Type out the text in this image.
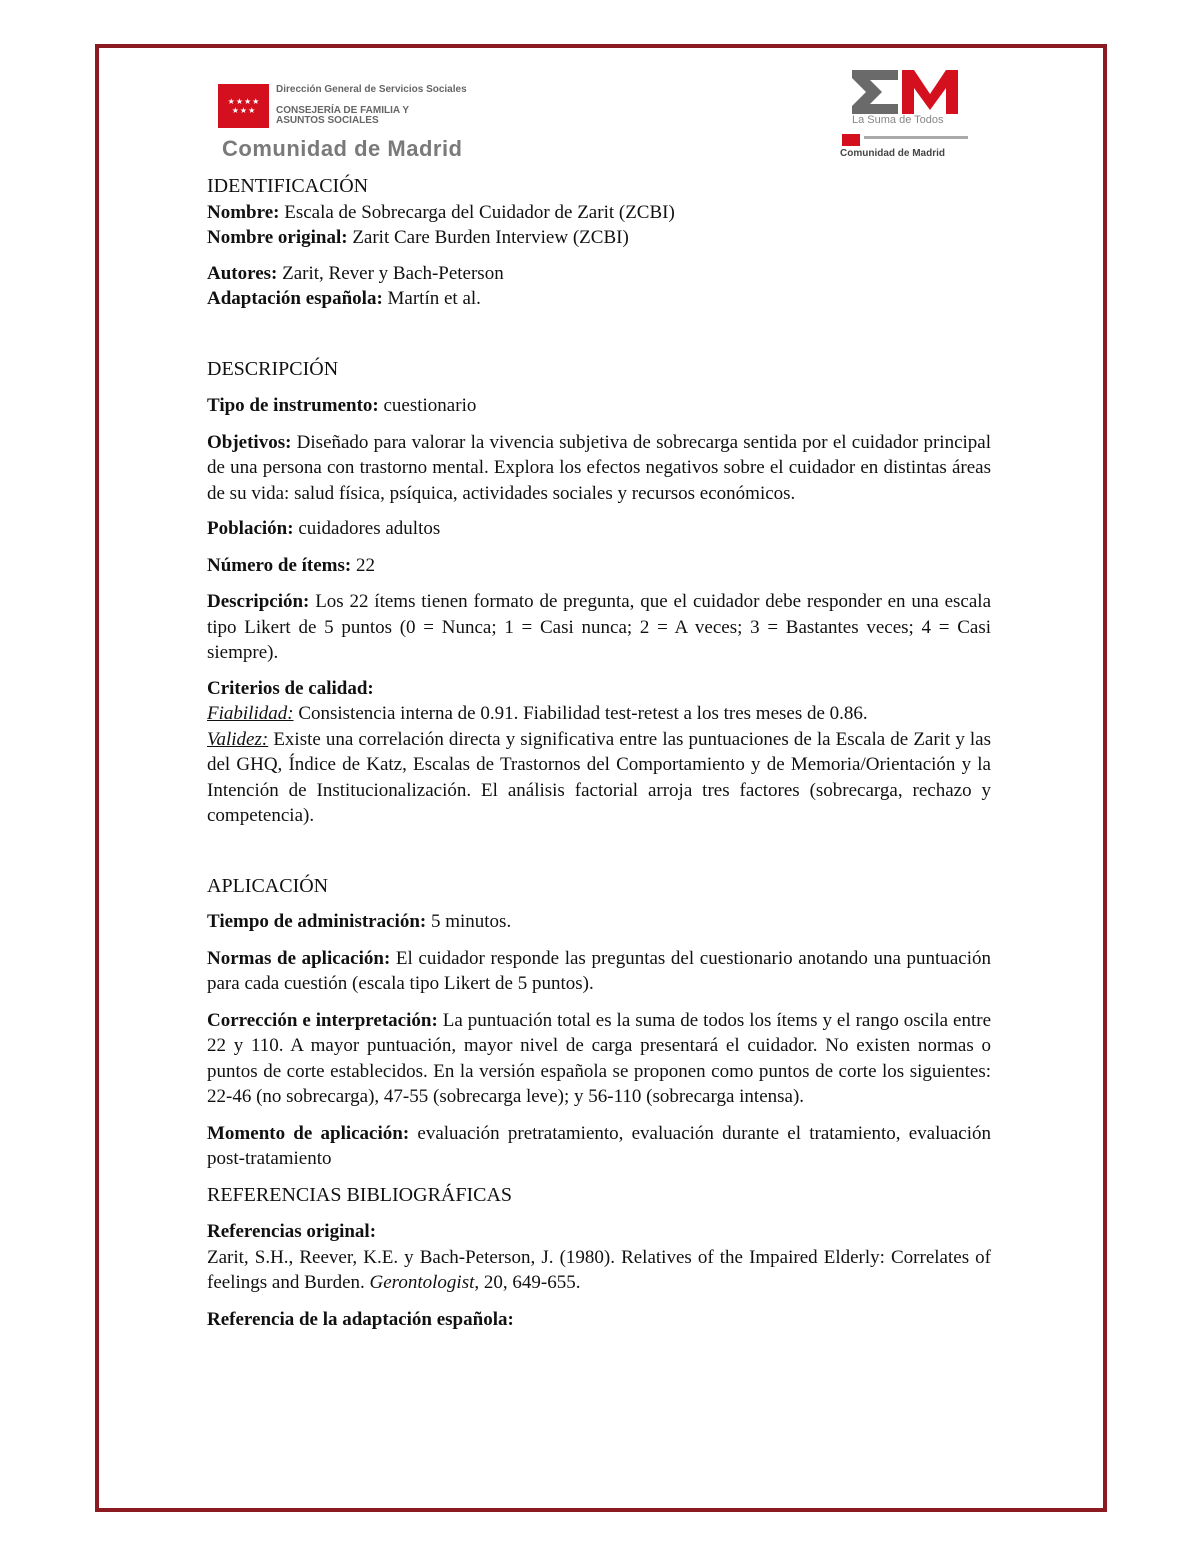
★★★★
★★★
Dirección General de Servicios Sociales
CONSEJERÍA DE FAMILIA Y ASUNTOS SOCIALES
Comunidad de Madrid
La Suma de Todos
Comunidad de Madrid

IDENTIFICACIÓN

Nombre: Escala de Sobrecarga del Cuidador de Zarit (ZCBI)

Nombre original: Zarit Care Burden Interview (ZCBI)

Autores: Zarit, Rever y Bach-Peterson

Adaptación española: Martín et al.

DESCRIPCIÓN

Tipo de instrumento: cuestionario

Objetivos: Diseñado para valorar la vivencia subjetiva de sobrecarga sentida por el cuidador principal de una persona con trastorno mental. Explora los efectos negativos sobre el cuidador en distintas áreas de su vida: salud física, psíquica, actividades sociales y recursos económicos.

Población: cuidadores adultos

Número de ítems: 22

Descripción: Los 22 ítems tienen formato de pregunta, que el cuidador debe responder en una escala tipo Likert de 5 puntos (0 = Nunca; 1 = Casi nunca; 2 = A veces; 3 = Bastantes veces; 4 = Casi siempre).

Criterios de calidad:

Fiabilidad: Consistencia interna de 0.91. Fiabilidad test-retest a los tres meses de 0.86.

Validez: Existe una correlación directa y significativa entre las puntuaciones de la Escala de Zarit y las del GHQ, Índice de Katz, Escalas de Trastornos del Comportamiento y de Memoria/Orientación y la Intención de Institucionalización. El análisis factorial arroja tres factores (sobrecarga, rechazo y competencia).

APLICACIÓN

Tiempo de administración: 5 minutos.

Normas de aplicación: El cuidador responde las preguntas del cuestionario anotando una puntuación para cada cuestión (escala tipo Likert de 5 puntos).

Corrección e interpretación: La puntuación total es la suma de todos los ítems y el rango oscila entre 22 y 110. A mayor puntuación, mayor nivel de carga presentará el cuidador. No existen normas o puntos de corte establecidos. En la versión española se proponen como puntos de corte los siguientes: 22-46 (no sobrecarga), 47-55 (sobrecarga leve); y 56-110 (sobrecarga intensa).

Momento de aplicación: evaluación pretratamiento, evaluación durante el tratamiento, evaluación post-tratamiento

REFERENCIAS BIBLIOGRÁFICAS

Referencias original:

Zarit, S.H., Reever, K.E. y Bach-Peterson, J. (1980). Relatives of the Impaired Elderly: Correlates of feelings and Burden. Gerontologist, 20, 649-655.

Referencia de la adaptación española:
